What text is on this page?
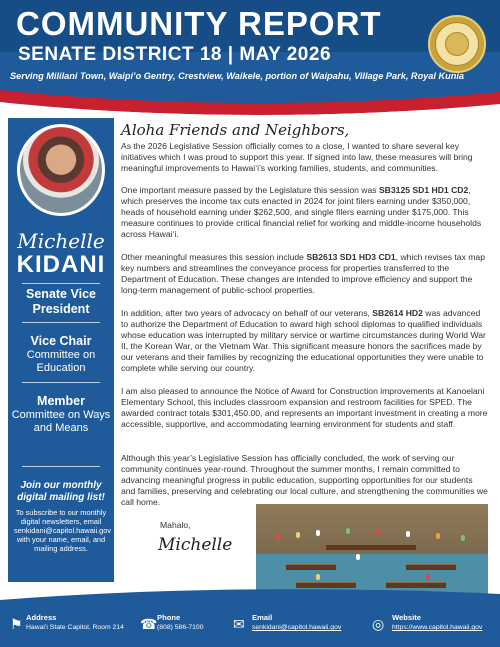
COMMUNITY REPORT
SENATE DISTRICT 18 | MAY 2026
Serving Mililani Town, Waipi’o Gentry, Crestview, Waikele, portion of Waipahu, Village Park, Royal Kunia
Michelle
KIDANI
Senate Vice President
Vice Chair
Committee on Education
Member
Committee on Ways and Means
Join our monthly digital mailing list!
To subscribe to our monthly digital newsletters, email senkidani@capitol.hawaii.gov with your name, email, and mailing address.
Aloha Friends and Neighbors,

As the 2026 Legislative Session officially comes to a close, I wanted to share several key initiatives which I was proud to support this year. If signed into law, these measures will bring meaningful improvements to Hawai‘i’s working families, students, and communities.

One important measure passed by the Legislature this session was SB3125 SD1 HD1 CD2, which preserves the income tax cuts enacted in 2024 for joint filers earning under $350,000, heads of household earning under $262,500, and single filers earning under $175,000. This measure continues to provide critical financial relief for working and middle-income households across Hawai‘i.

Other meaningful measures this session include SB2613 SD1 HD3 CD1, which revises tax map key numbers and streamlines the conveyance process for properties transferred to the Department of Education. These changes are intended to improve efficiency and support the long-term management of public-school properties.

In addition, after two years of advocacy on behalf of our veterans, SB2614 HD2 was advanced to authorize the Department of Education to award high school diplomas to qualified individuals whose education was interrupted by military service or wartime circumstances during World War II, the Korean War, or the Vietnam War. This significant measure honors the sacrifices made by our veterans and their families by recognizing the educational opportunities they were unable to complete while serving our country.

I am also pleased to announce the Notice of Award for Construction improvements at Kanoelani Elementary School, this includes classroom expansion and restroom facilities for SPED. The awarded contract totals $301,450.00, and represents an important investment in creating a more accessible, supportive, and accommodating learning environment for students and staff.

Although this year’s Legislative Session has officially concluded, the work of serving our community continues year-round. Throughout the summer months, I remain committed to advancing meaningful progress in public education, supporting opportunities for our students and families, preserving and celebrating our local culture, and strengthening the communities we call home.

Mahalo,
Michelle
⚑ Address
Hawai‘i State Capitol, Room 214 ☎ Phone
(808) 586-7100 ✉ Email
senkidani@capitol.hawaii.gov ◎ Website
https://www.capitol.hawaii.gov
